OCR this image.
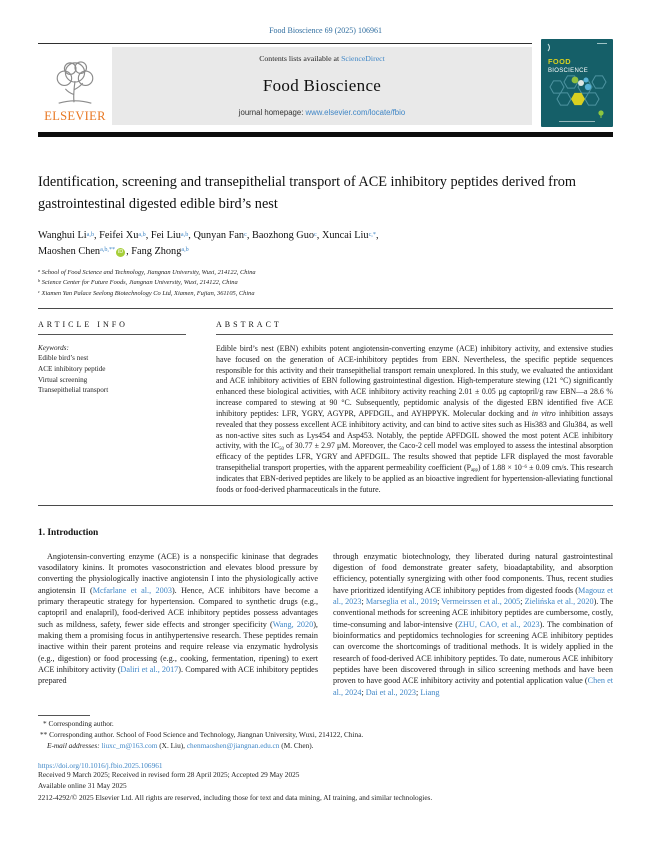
Food Bioscience 69 (2025) 106961
ELSEVIER
Contents lists available at ScienceDirect
Food Bioscience
journal homepage: www.elsevier.com/locate/fbio
FOOD
BIOSCIENCE
Identification, screening and transepithelial transport of ACE inhibitory peptides derived from gastrointestinal digested edible bird’s nest
Wanghui Li$^{a,b}$, Feifei Xu$^{a,b}$, Fei Liu$^{a,b}$, Qunyan Fan$^c$, Baozhong Guo$^c$, Xuncai Liu$^{c,*}$,
Maoshen Chen$^{a,b,**}$ iD , Fang Zhong$^{a,b}$
$^a$ School of Food Science and Technology, Jiangnan University, Wuxi, 214122, China
$^b$ Science Center for Future Foods, Jiangnan University, Wuxi, 214122, China
$^c$ Xiamen Yan Palace Seelong Biotechnology Co Ltd, Xiamen, Fujian, 361105, China
ARTICLE INFO
Keywords:
Edible bird’s nest
ACE inhibitory peptide
Virtual screening
Transepithelial transport
ABSTRACT
Edible bird’s nest (EBN) exhibits potent angiotensin-converting enzyme (ACE) inhibitory activity, and extensive studies have focused on the generation of ACE-inhibitory peptides from EBN. Nevertheless, the specific peptide sequences responsible for this activity and their transepithelial transport remain unexplored. In this study, we evaluated the antioxidant and ACE inhibitory activities of EBN following gastrointestinal digestion. High-temperature stewing (121 °C) significantly enhanced these biological activities, with ACE inhibitory activity reaching 2.01 ± 0.05 μg captopril/g raw EBN—a 28.6 % increase compared to stewing at 90 °C. Subsequently, peptidomic analysis of the digested EBN identified five ACE inhibitory peptides: LFR, YGRY, AGYPR, APFDGIL, and AYHPPYK. Molecular docking and in vitro inhibition assays revealed that they possess excellent ACE inhibitory activity, and can bind to active sites such as His383 and Glu384, as well as non-active sites such as Lys454 and Asp453. Notably, the peptide APFDGIL showed the most potent ACE inhibitory activity, with the $IC_{50}$ of 30.77 ± 2.97 μM. Moreover, the Caco-2 cell model was employed to assess the intestinal absorption efficacy of the peptides LFR, YGRY and APFDGIL. The results showed that peptide LFR displayed the most favorable transepithelial transport properties, with the apparent permeability coefficient $(P_{app})$ of $1.88 \times 10^{-6} \pm 0.09$ cm/s. This research indicates that EBN-derived peptides are likely to be applied as an bioactive ingredient for hypertension-alleviating functional foods or food-derived pharmaceuticals in the future.
1. Introduction
Angiotensin-converting enzyme (ACE) is a nonspecific kininase that degrades vasodilatory kinins. It promotes vasoconstriction and elevates blood pressure by converting the physiologically inactive angiotensin I into the physiologically active angiotensin II (Mcfarlane et al., 2003). Hence, ACE inhibitors have become a primary therapeutic strategy for hypertension. Compared to synthetic drugs (e.g., captopril and enalapril), food-derived ACE inhibitory peptides possess advantages such as mildness, safety, fewer side effects and stronger specificity (Wang, 2020), making them a promising focus in antihypertensive research. These peptides remain inactive within their parent proteins and require release via enzymatic hydrolysis (e.g., digestion) or food processing (e.g., cooking, fermentation, ripening) to exert ACE inhibitory activity (Daliri et al., 2017). Compared with ACE inhibitory peptides prepared
through enzymatic biotechnology, they liberated during natural gastrointestinal digestion of food demonstrate greater safety, bioadaptability, and absorption efficiency, potentially synergizing with other food components. Thus, recent studies have prioritized identifying ACE inhibitory peptides from digested foods (Magouz et al., 2023; Marseglia et al., 2019; Vermeirssen et al., 2005; Zielińska et al., 2020). The conventional methods for screening ACE inhibitory peptides are cumbersome, costly, time-consuming and labor-intensive (ZHU, CAO, et al., 2023). The combination of bioinformatics and peptidomics technologies for screening ACE inhibitory peptides can overcome the shortcomings of traditional methods. It is widely applied in the research of food-derived ACE inhibitory peptides. To date, numerous ACE inhibitory peptides have been discovered through in silico screening methods and have been proven to have good ACE inhibitory activity and potential application value (Chen et al., 2024; Dai et al., 2023; Liang
* Corresponding author.
** Corresponding author. School of Food Science and Technology, Jiangnan University, Wuxi, 214122, China.
E-mail addresses: liuxc_m@163.com (X. Liu), chenmaoshen@jiangnan.edu.cn (M. Chen).
https://doi.org/10.1016/j.fbio.2025.106961
Received 9 March 2025; Received in revised form 28 April 2025; Accepted 29 May 2025
Available online 31 May 2025
2212-4292/© 2025 Elsevier Ltd. All rights are reserved, including those for text and data mining, AI training, and similar technologies.
